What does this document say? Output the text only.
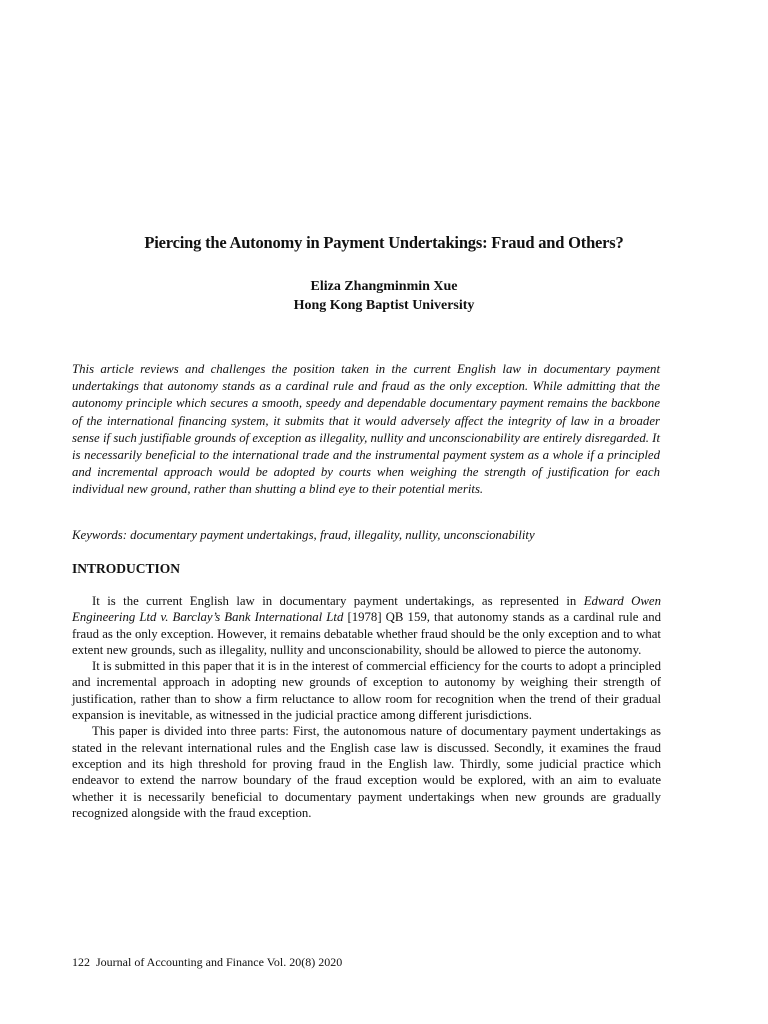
Piercing the Autonomy in Payment Undertakings: Fraud and Others?
Eliza Zhangminmin Xue
Hong Kong Baptist University

This article reviews and challenges the position taken in the current English law in documentary payment undertakings that autonomy stands as a cardinal rule and fraud as the only exception. While admitting that the autonomy principle which secures a smooth, speedy and dependable documentary payment remains the backbone of the international financing system, it submits that it would adversely affect the integrity of law in a broader sense if such justifiable grounds of exception as illegality, nullity and unconscionability are entirely disregarded. It is necessarily beneficial to the international trade and the instrumental payment system as a whole if a principled and incremental approach would be adopted by courts when weighing the strength of justification for each individual new ground, rather than shutting a blind eye to their potential merits.

Keywords: documentary payment undertakings, fraud, illegality, nullity, unconscionability

INTRODUCTION

It is the current English law in documentary payment undertakings, as represented in Edward Owen Engineering Ltd v. Barclay’s Bank International Ltd [1978] QB 159, that autonomy stands as a cardinal rule and fraud as the only exception. However, it remains debatable whether fraud should be the only exception and to what extent new grounds, such as illegality, nullity and unconscionability, should be allowed to pierce the autonomy.

It is submitted in this paper that it is in the interest of commercial efficiency for the courts to adopt a principled and incremental approach in adopting new grounds of exception to autonomy by weighing their strength of justification, rather than to show a firm reluctance to allow room for recognition when the trend of their gradual expansion is inevitable, as witnessed in the judicial practice among different jurisdictions.

This paper is divided into three parts: First, the autonomous nature of documentary payment undertakings as stated in the relevant international rules and the English case law is discussed. Secondly, it examines the fraud exception and its high threshold for proving fraud in the English law. Thirdly, some judicial practice which endeavor to extend the narrow boundary of the fraud exception would be explored, with an aim to evaluate whether it is necessarily beneficial to documentary payment undertakings when new grounds are gradually recognized alongside with the fraud exception.

122 Journal of Accounting and Finance Vol. 20(8) 2020
